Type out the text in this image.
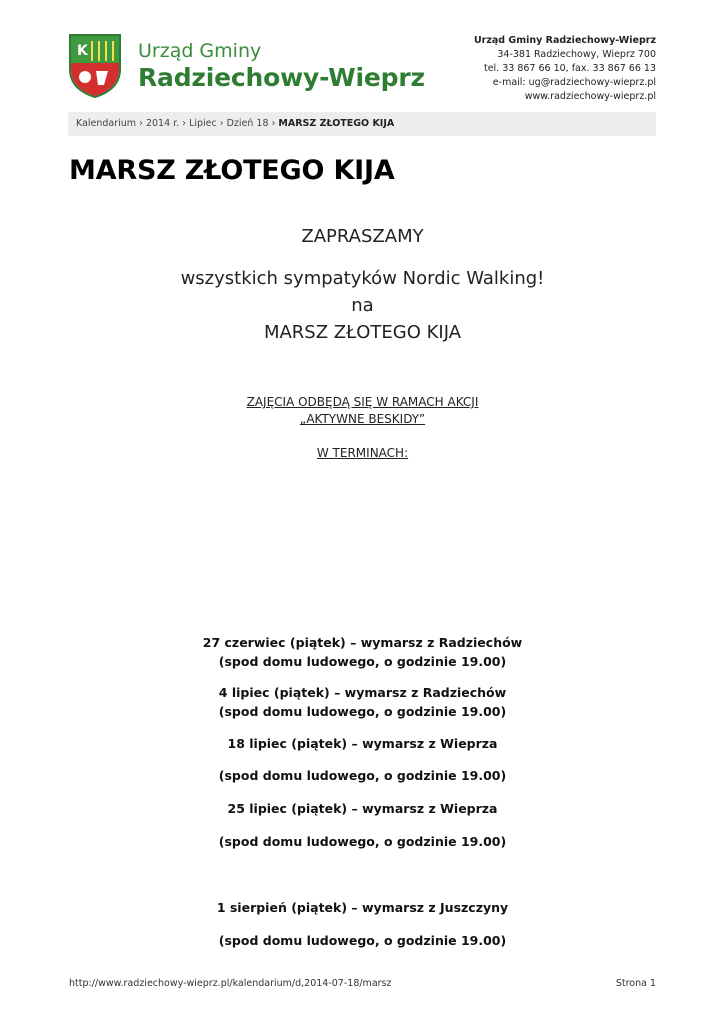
K	Urząd Gminy
Radziechowy-Wieprz
Urząd Gminy Radziechowy-Wieprz
34-381 Radziechowy, Wieprz 700
tel. 33 867 66 10, fax. 33 867 66 13
e-mail: ug@radziechowy-wieprz.pl
www.radziechowy-wieprz.pl
Kalendarium › 2014 r. › Lipiec › Dzień 18 › MARSZ ZŁOTEGO KIJA
MARSZ ZŁOTEGO KIJA
ZAPRASZAMY
wszystkich sympatyków Nordic Walking!
na
MARSZ ZŁOTEGO KIJA
ZAJĘCIA ODBĘDĄ SIĘ W RAMACH AKCJI
„AKTYWNE BESKIDY”
W TERMINACH:
27 czerwiec (piątek) – wymarsz z Radziechów
(spod domu ludowego, o godzinie 19.00)
4 lipiec (piątek) – wymarsz z Radziechów
(spod domu ludowego, o godzinie 19.00)
18 lipiec (piątek) – wymarsz z Wieprza
(spod domu ludowego, o godzinie 19.00)
25 lipiec (piątek) – wymarsz z Wieprza
(spod domu ludowego, o godzinie 19.00)
1 sierpień (piątek) – wymarsz z Juszczyny
(spod domu ludowego, o godzinie 19.00)
http://www.radziechowy-wieprz.pl/kalendarium/d,2014-07-18/marsz	Strona 1
